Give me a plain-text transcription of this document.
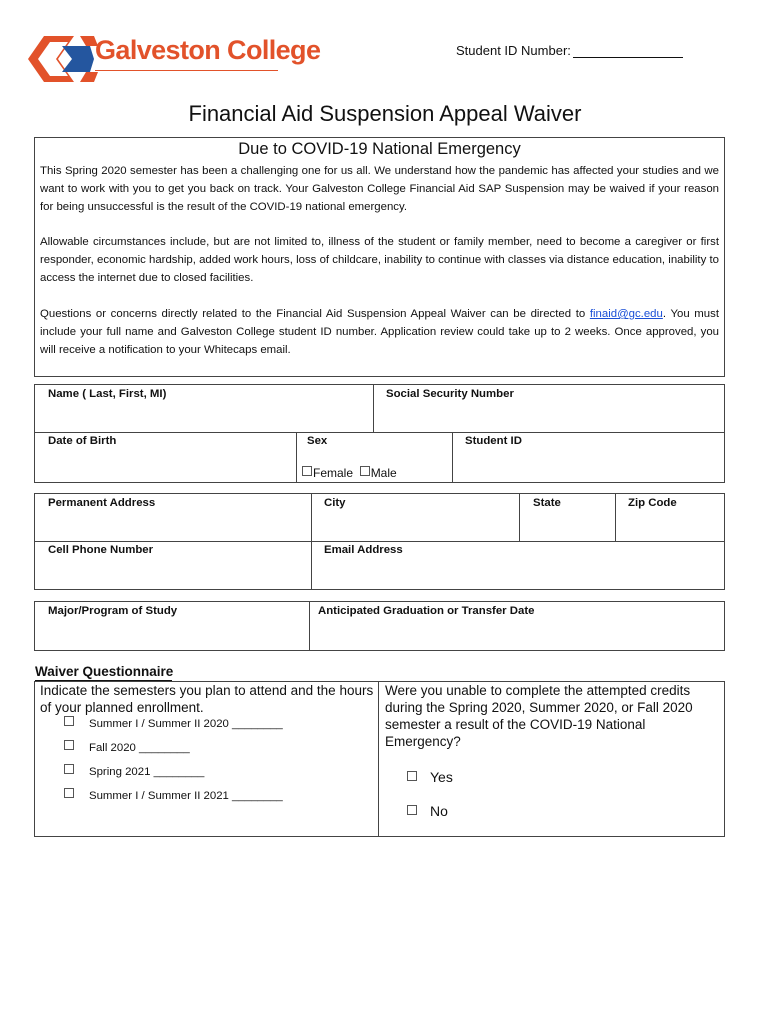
Galveston College	Student ID Number:
Financial Aid Suspension Appeal Waiver
Due to COVID-19 National Emergency
This Spring 2020 semester has been a challenging one for us all. We understand how the pandemic has affected your studies and we want to work with you to get you back on track. Your Galveston College Financial Aid SAP Suspension may be waived if your reason for being unsuccessful is the result of the COVID-19 national emergency.
Allowable circumstances include, but are not limited to, illness of the student or family member, need to become a caregiver or first responder, economic hardship, added work hours, loss of childcare, inability to continue with classes via distance education, inability to access the internet due to closed facilities.
Questions or concerns directly related to the Financial Aid Suspension Appeal Waiver can be directed to finaid@gc.edu. You must include your full name and Galveston College student ID number. Application review could take up to 2 weeks. Once approved, you will receive a notification to your Whitecaps email.
Name ( Last, First, MI)	Social Security Number
Date of Birth	Sex	Student ID
Female Male
Permanent Address	City	State	Zip Code
Cell Phone Number	Email Address
Major/Program of Study	Anticipated Graduation or Transfer Date
Waiver Questionnaire
Indicate the semesters you plan to attend and the hours of your planned enrollment.
Summer I / Summer II 2020 ________
Fall 2020 ________
Spring 2021 ________
Summer I / Summer II 2021 ________
Were you unable to complete the attempted credits during the Spring 2020, Summer 2020, or Fall 2020 semester a result of the COVID-19 National Emergency?
Yes
No
